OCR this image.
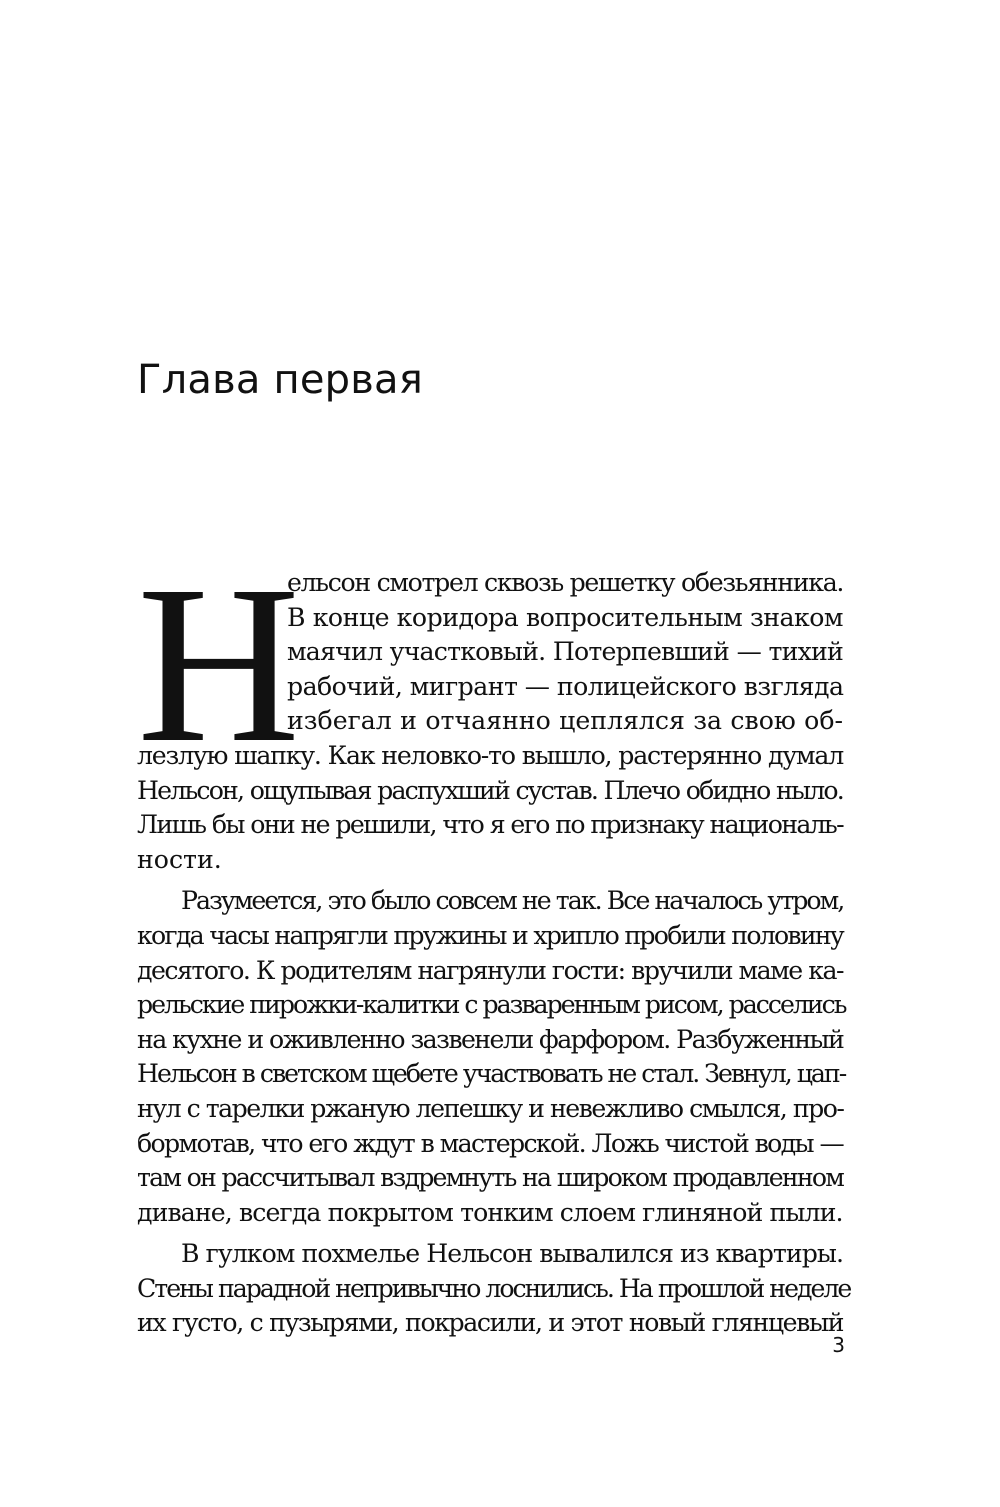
Глава первая
Н
ельсон смотрел сквозь решетку обезьянника.
В конце коридора вопросительным знаком
маячил участковый. Потерпевший — тихий
рабочий, мигрант — полицейского взгляда
избегал и отчаянно цеплялся за свою об-
лезлую шапку. Как неловко-то вышло, растерянно думал
Нельсон, ощупывая распухший сустав. Плечо обидно ныло.
Лишь бы они не решили, что я его по признаку националь-
ности.
Разумеется, это было совсем не так. Все началось утром,
когда часы напрягли пружины и хрипло пробили половину
десятого. К родителям нагрянули гости: вручили маме ка-
рельские пирожки-калитки с разваренным рисом, расселись
на кухне и оживленно зазвенели фарфором. Разбуженный
Нельсон в светском щебете участвовать не стал. Зевнул, цап-
нул с тарелки ржаную лепешку и невежливо смылся, про-
бормотав, что его ждут в мастерской. Ложь чистой воды —
там он рассчитывал вздремнуть на широком продавленном
диване, всегда покрытом тонким слоем глиняной пыли.
В гулком похмелье Нельсон вывалился из квартиры.
Стены парадной непривычно лоснились. На прошлой неделе
их густо, с пузырями, покрасили, и этот новый глянцевый
3
